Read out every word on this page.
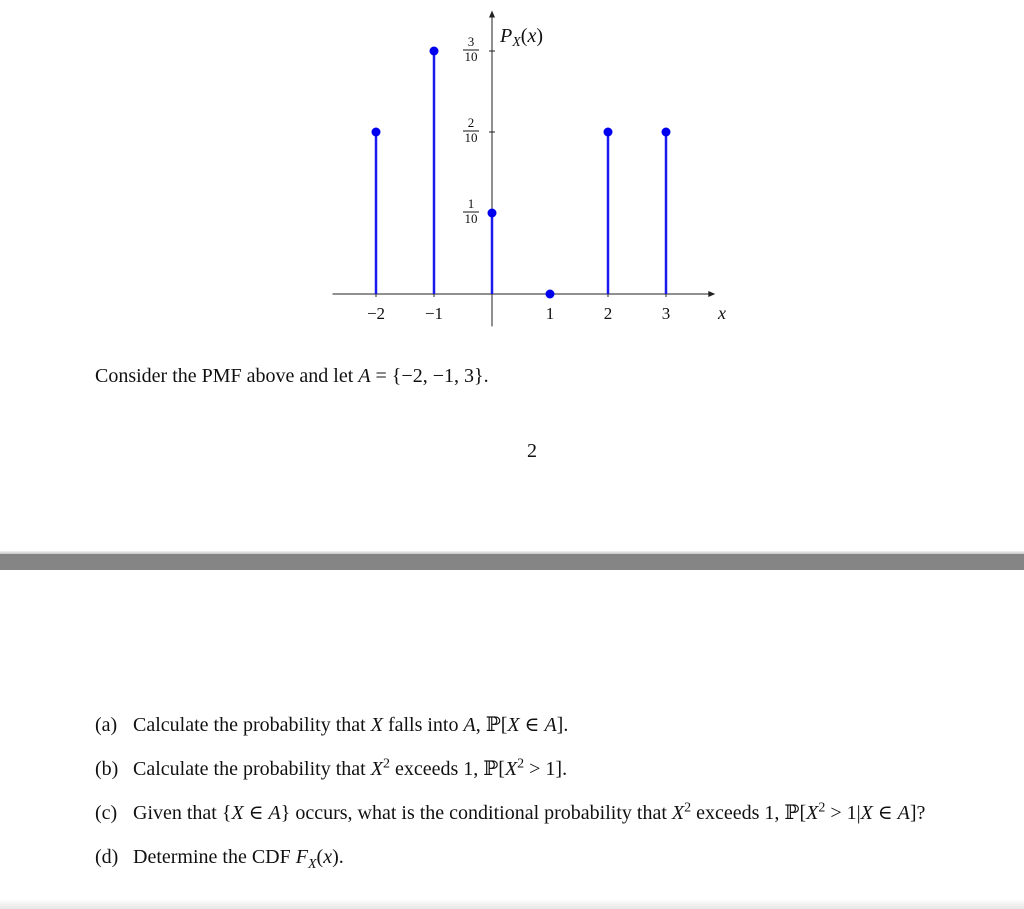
−2 −1	1	2	3
1
10
2
10
3
10
$P_X(x)$
x
Consider the PMF above and let A = {−2, −1, 3}.
2
(a) Calculate the probability that X falls into A, ℙ[X ∈ A].
(b) Calculate the probability that $X^2$ exceeds 1, $ℙ[X^2 > 1]$.
(c) Given that {X ∈ A} occurs, what is the conditional probability that $X^2$ exceeds 1, $ℙ[X^2 > 1|X$ ∈ A]?
(d) Determine the CDF $F_X(x)$.
